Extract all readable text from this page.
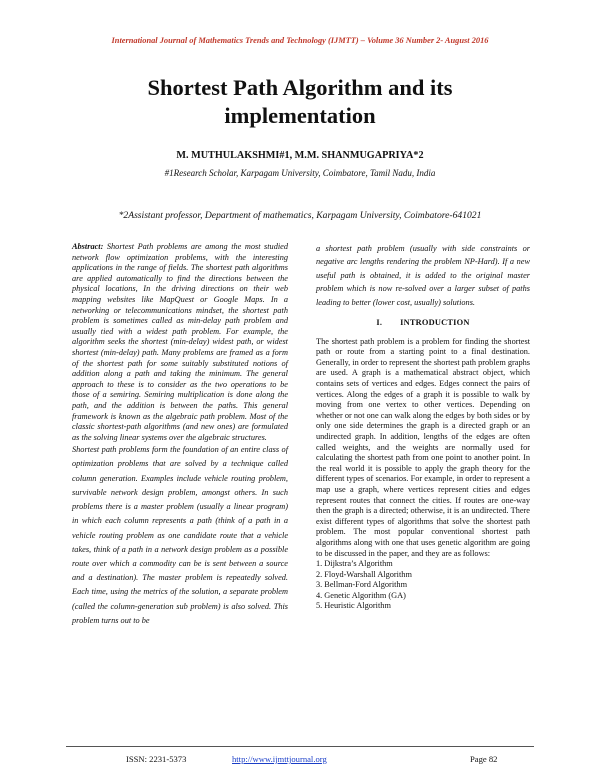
International Journal of Mathematics Trends and Technology (IJMTT) – Volume 36 Number 2- August 2016
Shortest Path Algorithm and its
implementation
M. MUTHULAKSHMI#1, M.M. SHANMUGAPRIYA*2
#1Research Scholar, Karpagam University, Coimbatore, Tamil Nadu, India
*2Assistant professor, Department of mathematics, Karpagam University, Coimbatore-641021

Abstract: Shortest Path problems are among the most studied network flow optimization problems, with the interesting applications in the range of fields. The shortest path algorithms are applied automatically to find the directions between the physical locations, In the driving directions on their web mapping websites like MapQuest or Google Maps. In a networking or telecommunications mindset, the shortest path problem is sometimes called as min-delay path problem and usually tied with a widest path problem. For example, the algorithm seeks the shortest (min-delay) widest path, or widest shortest (min-delay) path. Many problems are framed as a form of the shortest path for some suitably substituted notions of addition along a path and taking the minimum. The general approach to these is to consider as the two operations to be those of a semiring. Semiring multiplication is done along the path, and the addition is between the paths. This general framework is known as the algebraic path problem. Most of the classic shortest-path algorithms (and new ones) are formulated as the solving linear systems over the algebraic structures.

Shortest path problems form the foundation of an entire class of optimization problems that are solved by a technique called column generation. Examples include vehicle routing problem, survivable network design problem, amongst others. In such problems there is a master problem (usually a linear program) in which each column represents a path (think of a path in a vehicle routing problem as one candidate route that a vehicle takes, think of a path in a network design problem as a possible route over which a commodity can be is sent between a source and a destination). The master problem is repeatedly solved. Each time, using the metrics of the solution, a separate problem (called the column-generation sub problem) is also solved. This problem turns out to be

a shortest path problem (usually with side constraints or negative arc lengths rendering the problem NP-Hard). If a new useful path is obtained, it is added to the original master problem which is now re-solved over a larger subset of paths leading to better (lower cost, usually) solutions.

I. INTRODUCTION

The shortest path problem is a problem for finding the shortest path or route from a starting point to a final destination. Generally, in order to represent the shortest path problem graphs are used. A graph is a mathematical abstract object, which contains sets of vertices and edges. Edges connect the pairs of vertices. Along the edges of a graph it is possible to walk by moving from one vertex to other vertices. Depending on whether or not one can walk along the edges by both sides or by only one side determines the graph is a directed graph or an undirected graph. In addition, lengths of the edges are often called weights, and the weights are normally used for calculating the shortest path from one point to another point. In the real world it is possible to apply the graph theory for the different types of scenarios. For example, in order to represent a map use a graph, where vertices represent cities and edges represent routes that connect the cities. If routes are one-way then the graph is a directed; otherwise, it is an undirected. There exist different types of algorithms that solve the shortest path problem. The most popular conventional shortest path algorithms along with one that uses genetic algorithm are going to be discussed in the paper, and they are as follows:

1. Dijkstra’s Algorithm
2. Floyd-Warshall Algorithm
3. Bellman-Ford Algorithm
4. Genetic Algorithm (GA)
5. Heuristic Algorithm
ISSN: 2231-5373	http://www.ijmttjournal.org	Page 82
